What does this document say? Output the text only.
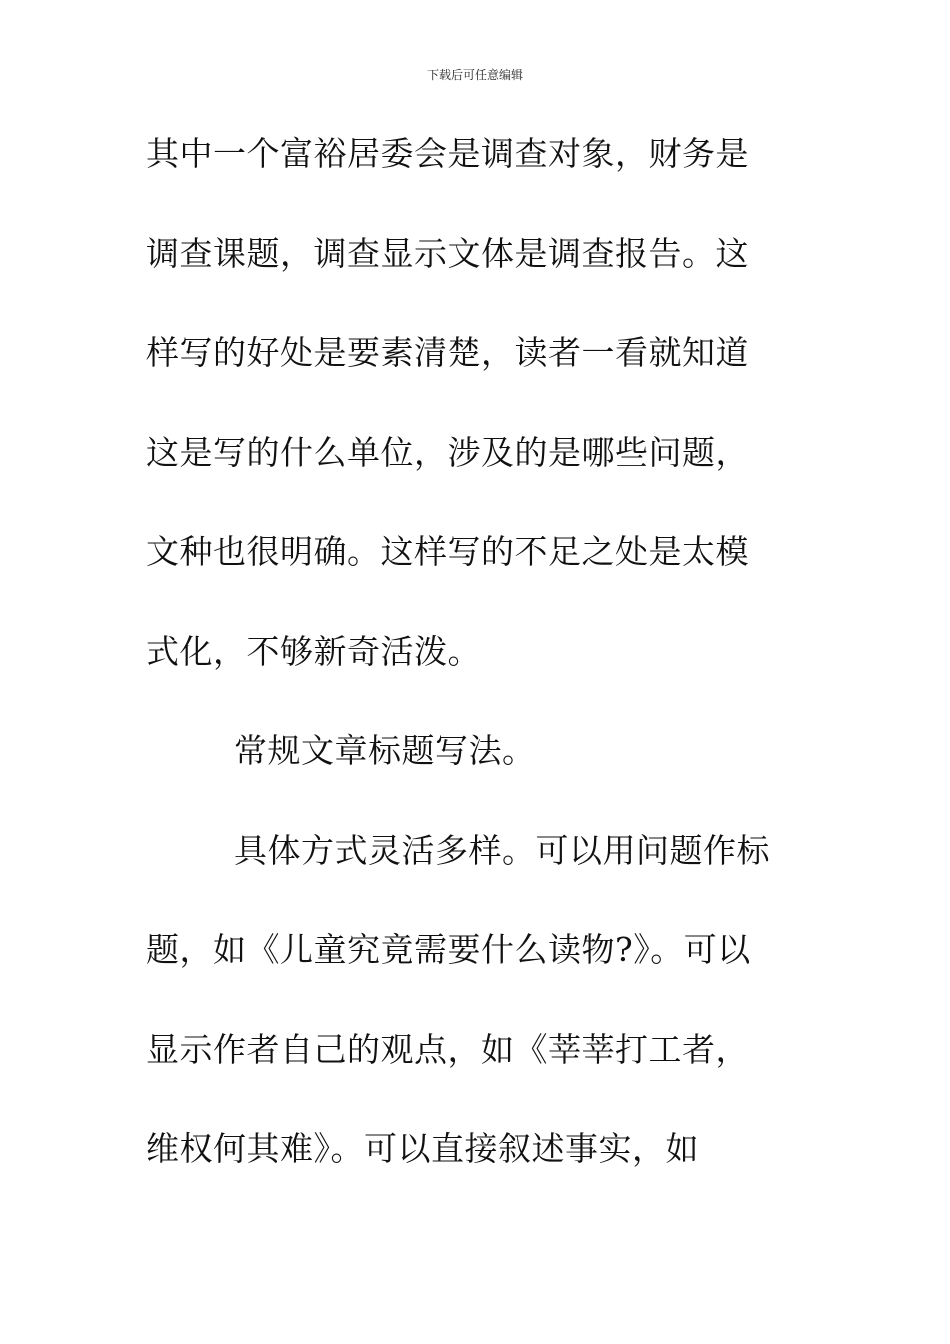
下载后可任意编辑
其中一个富裕居委会是调查对象，财务是
调查课题，调查显示文体是调查报告。这
样写的好处是要素清楚，读者一看就知道
这是写的什么单位，涉及的是哪些问题，
文种也很明确。这样写的不足之处是太模
式化，不够新奇活泼。
常规文章标题写法。
具体方式灵活多样。可以用问题作标
题，如《儿童究竟需要什么读物?》。可以
显示作者自己的观点，如《莘莘打工者，
维权何其难》。可以直接叙述事实，如
